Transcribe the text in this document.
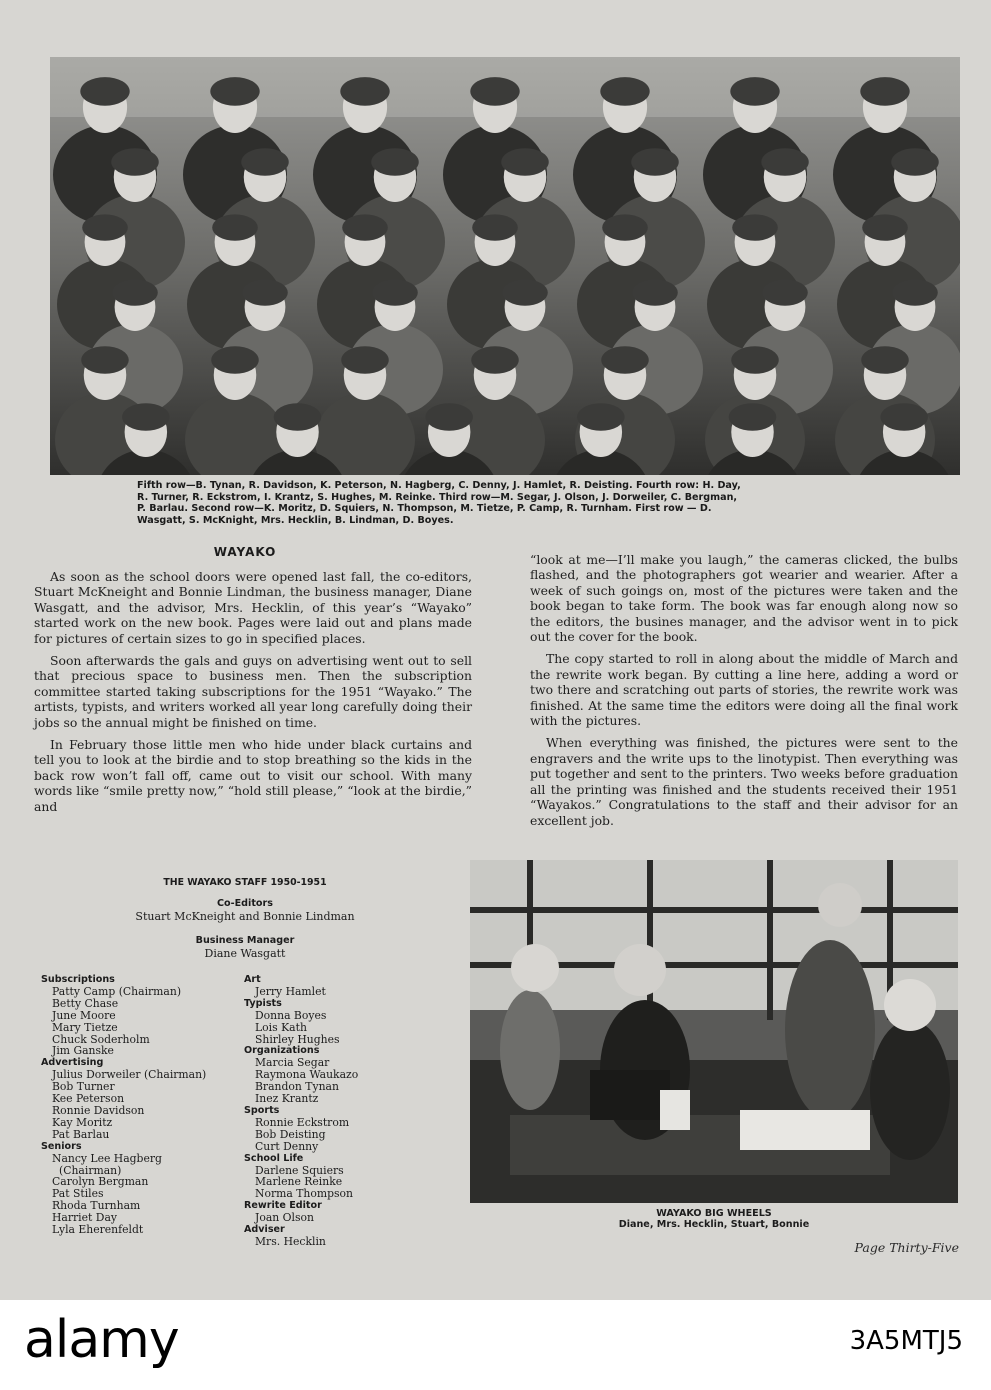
Fifth row—B. Tynan, R. Davidson, K. Peterson, N. Hagberg, C. Denny, J. Hamlet, R. Deisting. Fourth row: H. Day,
R. Turner, R. Eckstrom, I. Krantz, S. Hughes, M. Reinke. Third row—M. Segar, J. Olson, J. Dorweiler, C. Bergman,
P. Barlau. Second row—K. Moritz, D. Squiers, N. Thompson, M. Tietze, P. Camp, R. Turnham. First row — D.
Wasgatt, S. McKnight, Mrs. Hecklin, B. Lindman, D. Boyes.
WAYAKO

As soon as the school doors were opened last fall, the co-editors, Stuart McKneight and Bonnie Lindman, the business manager, Diane Wasgatt, and the advisor, Mrs. Hecklin, of this year’s “Wayako” started work on the new book. Pages were laid out and plans made for pictures of certain sizes to go in specified places.

Soon afterwards the gals and guys on advertising went out to sell that precious space to business men. Then the subscription committee started taking subscriptions for the 1951 “Wayako.” The artists, typists, and writers worked all year long carefully doing their jobs so the annual might be finished on time.

In February those little men who hide under black curtains and tell you to look at the birdie and to stop breathing so the kids in the back row won’t fall off, came out to visit our school. With many words like “smile pretty now,” “hold still please,” “look at the birdie,” and

“look at me—I’ll make you laugh,” the cameras clicked, the bulbs flashed, and the photographers got wearier and wearier. After a week of such goings on, most of the pictures were taken and the book began to take form. The book was far enough along now so the editors, the busines manager, and the advisor went in to pick out the cover for the book.

The copy started to roll in along about the middle of March and the rewrite work began. By cutting a line here, adding a word or two there and scratching out parts of stories, the rewrite work was finished. At the same time the editors were doing all the final work with the pictures.

When everything was finished, the pictures were sent to the engravers and the write ups to the linotypist. Then everything was put together and sent to the printers. Two weeks before graduation all the printing was finished and the students received their 1951 “Wayakos.” Congratulations to the staff and their advisor for an excellent job.

THE WAYAKO STAFF 1950-1951
Co-Editors
Stuart McKneight and Bonnie Lindman
Business Manager
Diane Wasgatt
Subscriptions
Patty Camp (Chairman)
Betty Chase
June Moore
Mary Tietze
Chuck Soderholm
Jim Ganske
Advertising
Julius Dorweiler (Chairman)
Bob Turner
Kee Peterson
Ronnie Davidson
Kay Moritz
Pat Barlau
Seniors
Nancy Lee Hagberg
(Chairman)
Carolyn Bergman
Pat Stiles
Rhoda Turnham
Harriet Day
Lyla Eherenfeldt
Art
Jerry Hamlet
Typists
Donna Boyes
Lois Kath
Shirley Hughes
Organizations
Marcia Segar
Raymona Waukazo
Brandon Tynan
Inez Krantz
Sports
Ronnie Eckstrom
Bob Deisting
Curt Denny
School Life
Darlene Squiers
Marlene Reinke
Norma Thompson
Rewrite Editor
Joan Olson
Adviser
Mrs. Hecklin
WAYAKO BIG WHEELS
Diane, Mrs. Hecklin, Stuart, Bonnie
Page Thirty-Five
alamy	3A5MTJ5
